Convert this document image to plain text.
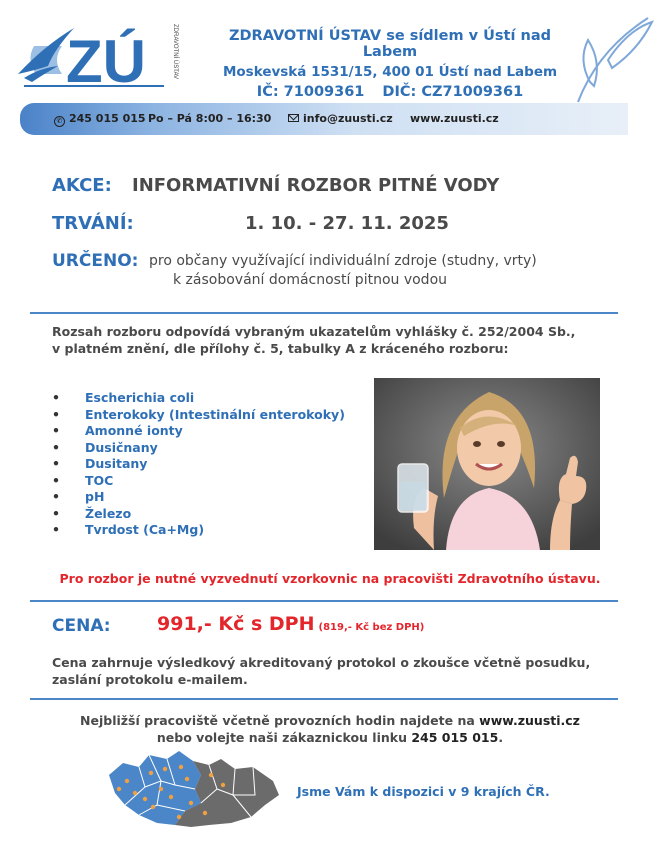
ZÚ	ZDRAVOTNÍ ÚSTAV	ZDRAVOTNÍ ÚSTAV se sídlem v Ústí nad Labem
Moskevská 1531/15, 400 01 Ústí nad Labem
IČ: 71009361 DIČ: CZ71009361
✆ 245 015 015 Po – Pá 8:00 – 16:30	info@zuusti.cz www.zuusti.cz
AKCE: INFORMATIVNÍ ROZBOR PITNÉ VODY
TRVÁNÍ:	1. 10. - 27. 11. 2025
URČENO: pro občany využívající individuální zdroje (studny, vrty)
k zásobování domácností pitnou vodou
Rozsah rozboru odpovídá vybraným ukazatelům vyhlášky č. 252/2004 Sb.,
v platném znění, dle přílohy č. 5, tabulky A z kráceného rozboru:
• Escherichia coli
• Enterokoky (Intestinální enterokoky)
• Amonné ionty
• Dusičnany
• Dusitany
• TOC
• pH
• Železo
• Tvrdost (Ca+Mg)
Pro rozbor je nutné vyzvednutí vzorkovnic na pracovišti Zdravotního ústavu.
CENA: 991,- Kč s DPH (819,- Kč bez DPH)
Cena zahrnuje výsledkový akreditovaný protokol o zkoušce včetně posudku,
zaslání protokolu e-mailem.
Nejbližší pracoviště včetně provozních hodin najdete na www.zuusti.cz
nebo volejte naši zákaznickou linku 245 015 015.
Jsme Vám k dispozici v 9 krajích ČR.
